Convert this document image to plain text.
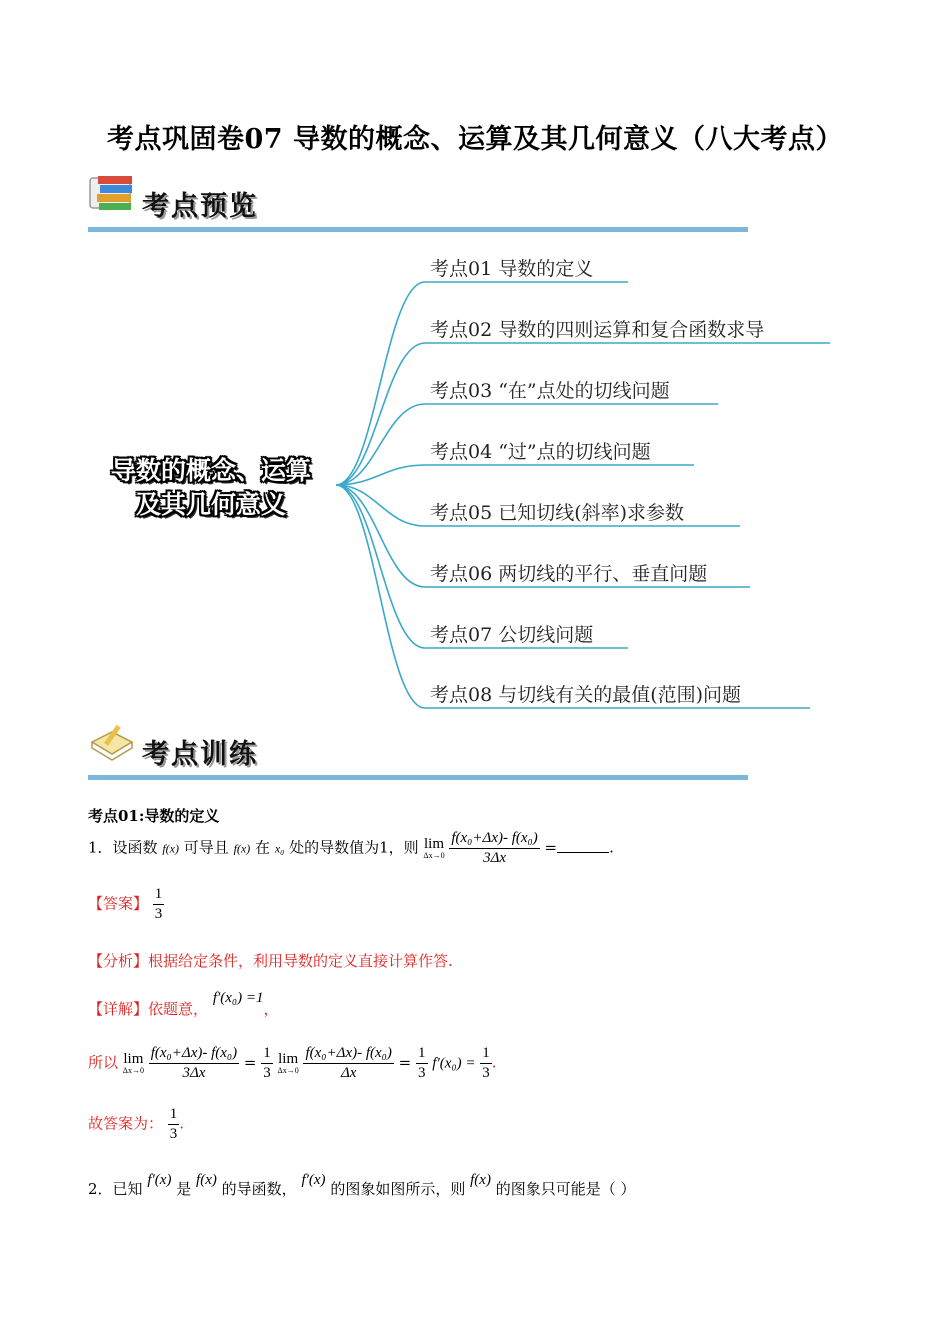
考点巩固卷07 导数的概念、运算及其几何意义（八大考点）
考点预览
导数的概念、运算
及其几何意义
考点01 导数的定义
考点02 导数的四则运算和复合函数求导
考点03 “在”点处的切线问题
考点04 “过”点的切线问题
考点05 已知切线(斜率)求参数
考点06 两切线的平行、垂直问题
考点07 公切线问题
考点08 与切线有关的最值(范围)问题
考点训练
考点01:导数的定义
1．设函数 f(x) 可导且 f(x) 在 x₀ 处的导数值为1，则 lim
Δx→0
$\frac{\text{f(x₀+Δx)- f(x₀)}}{3\Delta x}$ =	.
【答案】 $\frac{1}{3}$
【分析】根据给定条件，利用导数的定义直接计算作答.
【详解】依题意， f′(x₀) =1，
所以 lim
Δx→0
$\frac{\text{f(x₀+Δx)- f(x₀)}}{3\Delta x} = \frac{1}{3}$
lim
Δx→0
$\frac{\text{f(x₀+Δx)- f(x₀)}}{\Delta x} = \frac{1}{3} f'(x_0) = \frac{1}{3}$ .
故答案为： $\frac{1}{3}$ .
2．已知 f′(x) 是 f(x) 的导函数， f′(x) 的图象如图所示，则 f(x) 的图象只可能是（ ）
